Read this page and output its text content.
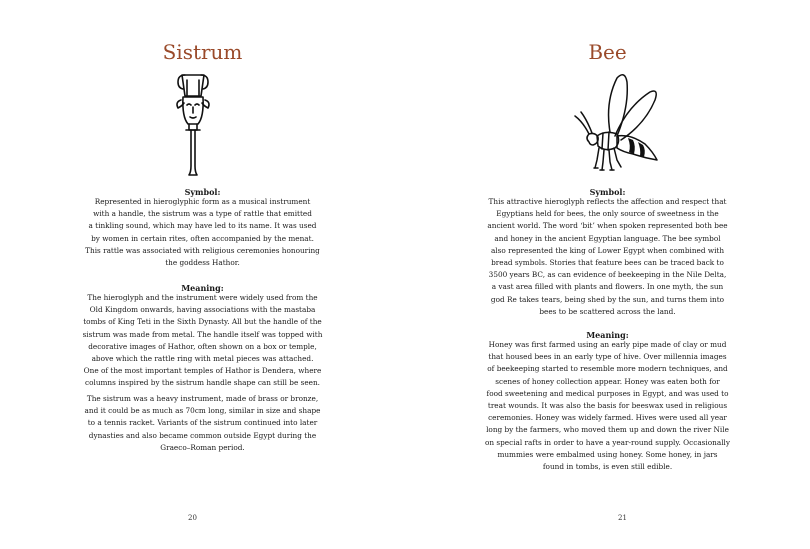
Sistrum
Symbol:
Represented in hieroglyphic form as a musical instrument
with a handle, the sistrum was a type of rattle that emitted
a tinkling sound, which may have led to its name. It was used
by women in certain rites, often accompanied by the menat.
This rattle was associated with religious ceremonies honouring
the goddess Hathor.
Meaning:
The hieroglyph and the instrument were widely used from the
Old Kingdom onwards, having associations with the mastaba
tombs of King Teti in the Sixth Dynasty. All but the handle of the
sistrum was made from metal. The handle itself was topped with
decorative images of Hathor, often shown on a box or temple,
above which the rattle ring with metal pieces was attached.
One of the most important temples of Hathor is Dendera, where
columns inspired by the sistrum handle shape can still be seen.
The sistrum was a heavy instrument, made of brass or bronze,
and it could be as much as 70cm long, similar in size and shape
to a tennis racket. Variants of the sistrum continued into later
dynasties and also became common outside Egypt during the
Graeco–Roman period.
20
Bee
Symbol:
This attractive hieroglyph reflects the affection and respect that
Egyptians held for bees, the only source of sweetness in the
ancient world. The word ‘bit’ when spoken represented both bee
and honey in the ancient Egyptian language. The bee symbol
also represented the king of Lower Egypt when combined with
bread symbols. Stories that feature bees can be traced back to
3500 years BC, as can evidence of beekeeping in the Nile Delta,
a vast area filled with plants and flowers. In one myth, the sun
god Re takes tears, being shed by the sun, and turns them into
bees to be scattered across the land.
Meaning:
Honey was first farmed using an early pipe made of clay or mud
that housed bees in an early type of hive. Over millennia images
of beekeeping started to resemble more modern techniques, and
scenes of honey collection appear. Honey was eaten both for
food sweetening and medical purposes in Egypt, and was used to
treat wounds. It was also the basis for beeswax used in religious
ceremonies. Honey was widely farmed. Hives were used all year
long by the farmers, who moved them up and down the river Nile
on special rafts in order to have a year-round supply. Occasionally
mummies were embalmed using honey. Some honey, in jars
found in tombs, is even still edible.
21
